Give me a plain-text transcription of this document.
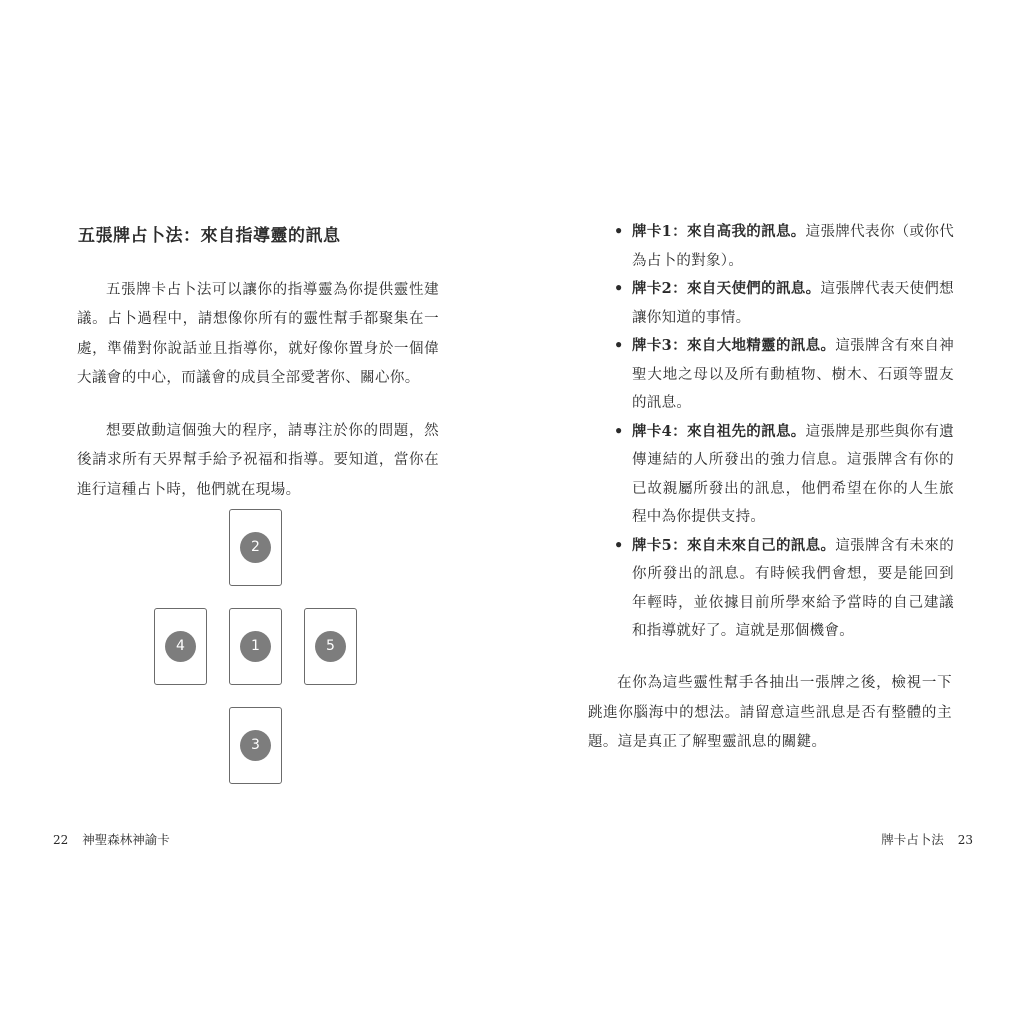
五張牌占卜法：來自指導靈的訊息

五張牌卡占卜法可以讓你的指導靈為你提供靈性建議。占卜過程中，請想像你所有的靈性幫手都聚集在一處，準備對你說話並且指導你，就好像你置身於一個偉大議會的中心，而議會的成員全部愛著你、關心你。

想要啟動這個強大的程序，請專注於你的問題，然後請求所有天界幫手給予祝福和指導。要知道，當你在進行這種占卜時，他們就在現場。

2
4	1	5
3
22 神聖森林神諭卡
• 牌卡1：來自高我的訊息。這張牌代表你（或你代為占卜的對象）。
• 牌卡2：來自天使們的訊息。這張牌代表天使們想讓你知道的事情。
• 牌卡3：來自大地精靈的訊息。這張牌含有來自神聖大地之母以及所有動植物、樹木、石頭等盟友的訊息。
• 牌卡4：來自祖先的訊息。這張牌是那些與你有遺傳連結的人所發出的強力信息。這張牌含有你的已故親屬所發出的訊息，他們希望在你的人生旅程中為你提供支持。
• 牌卡5：來自未來自己的訊息。這張牌含有未來的你所發出的訊息。有時候我們會想，要是能回到年輕時，並依據目前所學來給予當時的自己建議和指導就好了。這就是那個機會。

在你為這些靈性幫手各抽出一張牌之後，檢視一下跳進你腦海中的想法。請留意這些訊息是否有整體的主題。這是真正了解聖靈訊息的關鍵。

牌卡占卜法 23
